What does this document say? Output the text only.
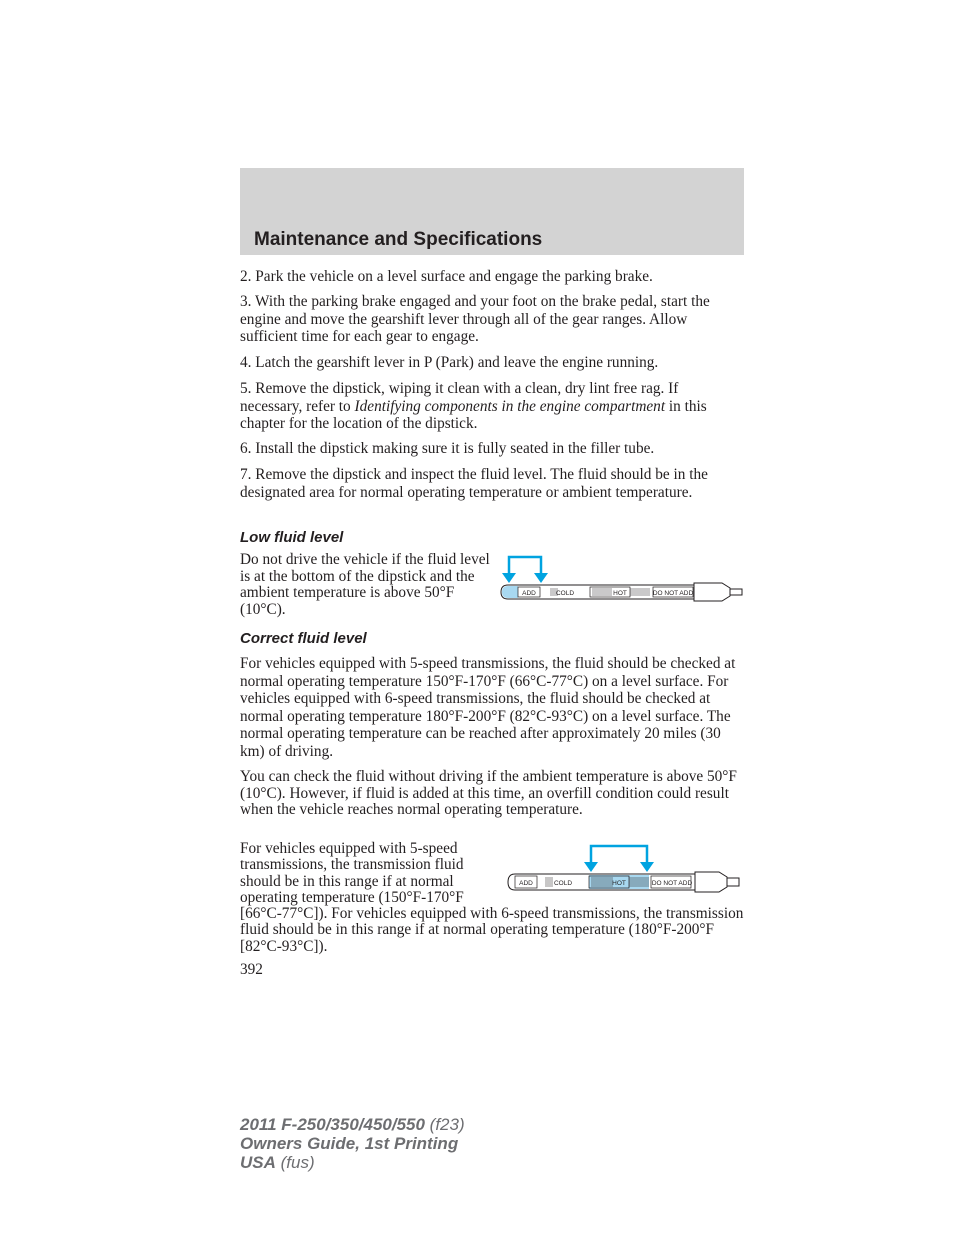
Maintenance and Specifications

2. Park the vehicle on a level surface and engage the parking brake.

3. With the parking brake engaged and your foot on the brake pedal, start the engine and move the gearshift lever through all of the gear ranges. Allow sufficient time for each gear to engage.

4. Latch the gearshift lever in P (Park) and leave the engine running.

5. Remove the dipstick, wiping it clean with a clean, dry lint free rag. If necessary, refer to Identifying components in the engine compartment in this chapter for the location of the dipstick.

6. Install the dipstick making sure it is fully seated in the filler tube.

7. Remove the dipstick and inspect the fluid level. The fluid should be in the designated area for normal operating temperature or ambient temperature.

Low fluid level

Do not drive the vehicle if the fluid level is at the bottom of the dipstick and the ambient temperature is above 50°F (10°C).

ADD	COLD	HOT	DO NOT ADD

Correct fluid level

For vehicles equipped with 5-speed transmissions, the fluid should be checked at normal operating temperature 150°F-170°F (66°C-77°C) on a level surface. For vehicles equipped with 6-speed transmissions, the fluid should be checked at normal operating temperature 180°F-200°F (82°C-93°C) on a level surface. The normal operating temperature can be reached after approximately 20 miles (30 km) of driving.

You can check the fluid without driving if the ambient temperature is above 50°F (10°C). However, if fluid is added at this time, an overfill condition could result when the vehicle reaches normal operating temperature.

For vehicles equipped with 5-speed transmissions, the transmission fluid should be in this range if at normal operating temperature (150°F-170°F

[66°C-77°C]). For vehicles equipped with 6-speed transmissions, the transmission fluid should be in this range if at normal operating temperature (180°F-200°F [82°C-93°C]).

ADD	COLD	HOT	DO NOT ADD
392
2011 F-250/350/450/550 (f23)
Owners Guide, 1st Printing
USA (fus)
